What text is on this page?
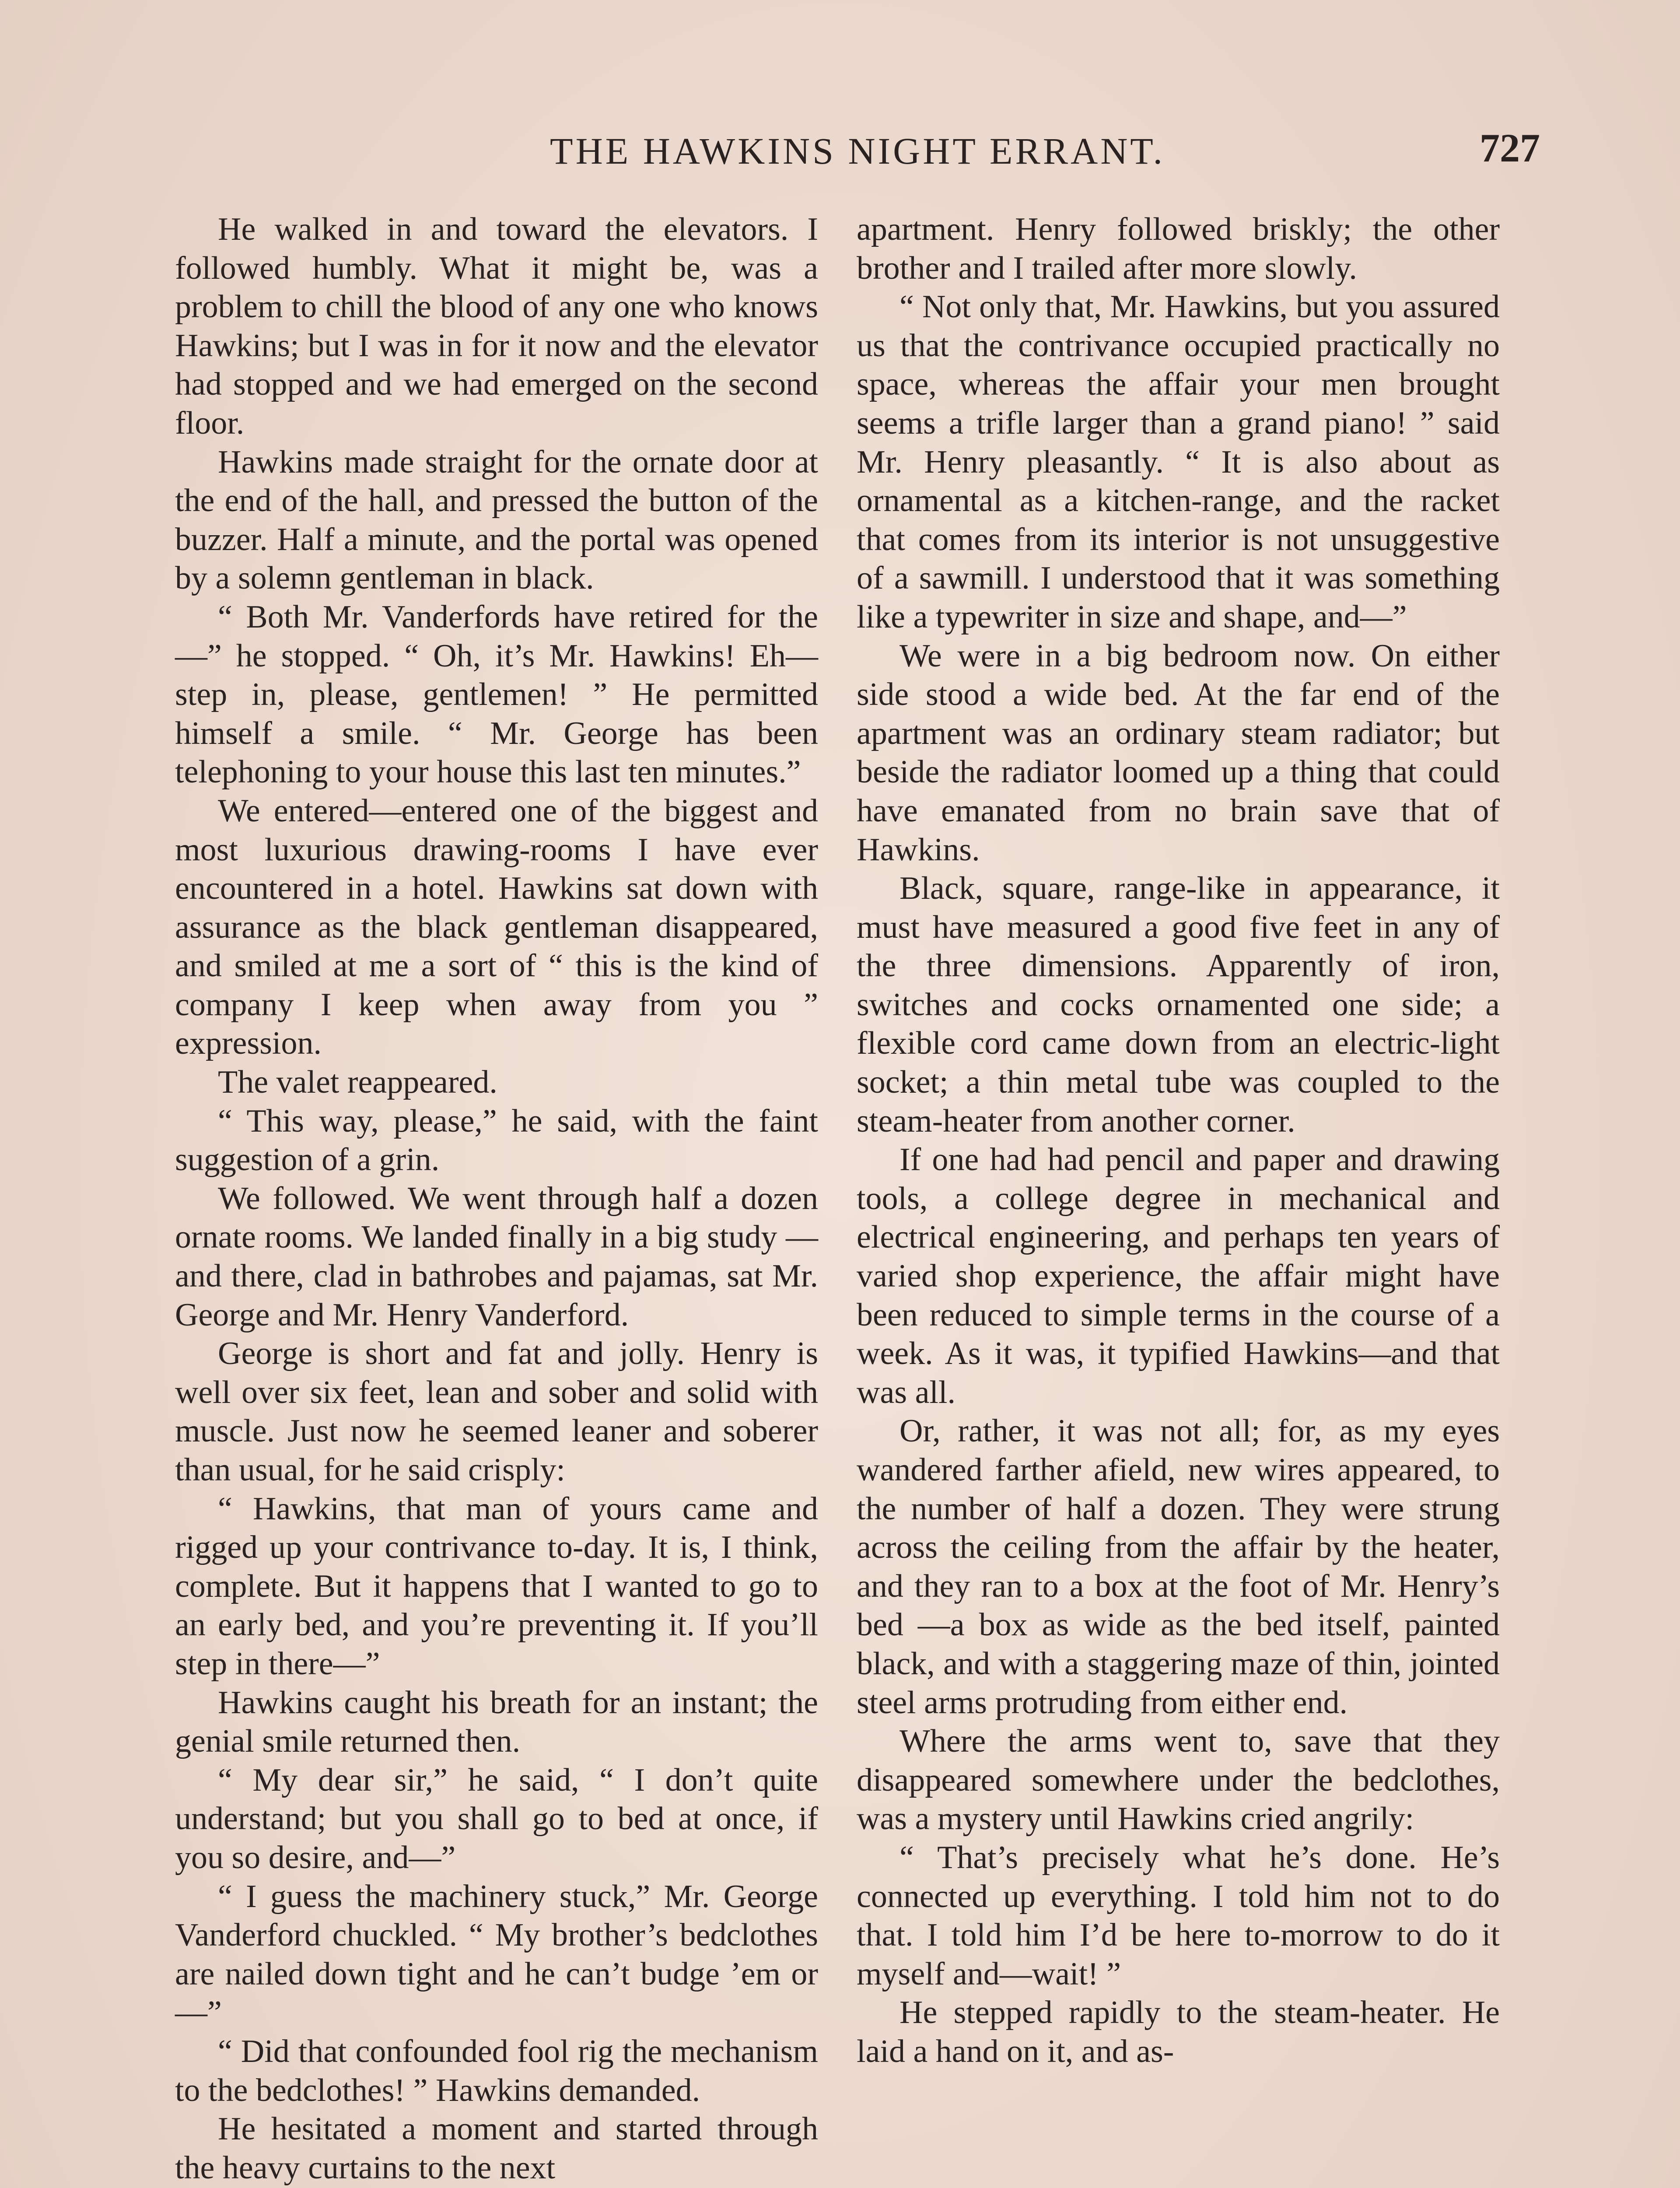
THE HAWKINS NIGHT ERRANT.	727

He walked in and toward the elevators. I followed humbly. What it might be, was a problem to chill the blood of any one who knows Hawkins; but I was in for it now and the elevator had stopped and we had emerged on the second floor.

Hawkins made straight for the ornate door at the end of the hall, and pressed the button of the buzzer. Half a minute, and the portal was opened by a solemn gentleman in black.

“ Both Mr. Vanderfords have retired for the—” he stopped. “ Oh, it’s Mr. Hawkins! Eh—step in, please, gentlemen! ” He permitted himself a smile. “ Mr. George has been telephoning to your house this last ten minutes.”

We entered—entered one of the biggest and most luxurious drawing-rooms I have ever encountered in a hotel. Hawkins sat down with assurance as the black gentleman disappeared, and smiled at me a sort of “ this is the kind of company I keep when away from you ” expression.

The valet reappeared.

“ This way, please,” he said, with the faint suggestion of a grin.

We followed. We went through half a dozen ornate rooms. We landed finally in a big study — and there, clad in bathrobes and pajamas, sat Mr. George and Mr. Henry Vanderford.

George is short and fat and jolly. Henry is well over six feet, lean and sober and solid with muscle. Just now he seemed leaner and soberer than usual, for he said crisply:

“ Hawkins, that man of yours came and rigged up your contrivance to-day. It is, I think, complete. But it happens that I wanted to go to an early bed, and you’re preventing it. If you’ll step in there—”

Hawkins caught his breath for an instant; the genial smile returned then.

“ My dear sir,” he said, “ I don’t quite understand; but you shall go to bed at once, if you so desire, and—”

“ I guess the machinery stuck,” Mr. George Vanderford chuckled. “ My brother’s bedclothes are nailed down tight and he can’t budge ’em or—”

“ Did that confounded fool rig the mechanism to the bedclothes! ” Hawkins demanded.

He hesitated a moment and started through the heavy curtains to the next

apartment. Henry followed briskly; the other brother and I trailed after more slowly.

“ Not only that, Mr. Hawkins, but you assured us that the contrivance occupied practically no space, whereas the affair your men brought seems a trifle larger than a grand piano! ” said Mr. Henry pleasantly. “ It is also about as ornamental as a kitchen-range, and the racket that comes from its interior is not unsuggestive of a sawmill. I understood that it was something like a typewriter in size and shape, and—”

We were in a big bedroom now. On either side stood a wide bed. At the far end of the apartment was an ordinary steam radiator; but beside the radiator loomed up a thing that could have emanated from no brain save that of Hawkins.

Black, square, range-like in appearance, it must have measured a good five feet in any of the three dimensions. Apparently of iron, switches and cocks ornamented one side; a flexible cord came down from an electric-light socket; a thin metal tube was coupled to the steam-heater from another corner.

If one had had pencil and paper and drawing tools, a college degree in mechanical and electrical engineering, and perhaps ten years of varied shop experience, the affair might have been reduced to simple terms in the course of a week. As it was, it typified Hawkins—and that was all.

Or, rather, it was not all; for, as my eyes wandered farther afield, new wires appeared, to the number of half a dozen. They were strung across the ceiling from the affair by the heater, and they ran to a box at the foot of Mr. Henry’s bed —a box as wide as the bed itself, painted black, and with a staggering maze of thin, jointed steel arms protruding from either end.

Where the arms went to, save that they disappeared somewhere under the bedclothes, was a mystery until Hawkins cried angrily:

“ That’s precisely what he’s done. He’s connected up everything. I told him not to do that. I told him I’d be here to-morrow to do it myself and—wait! ”

He stepped rapidly to the steam-heater. He laid a hand on it, and as-
